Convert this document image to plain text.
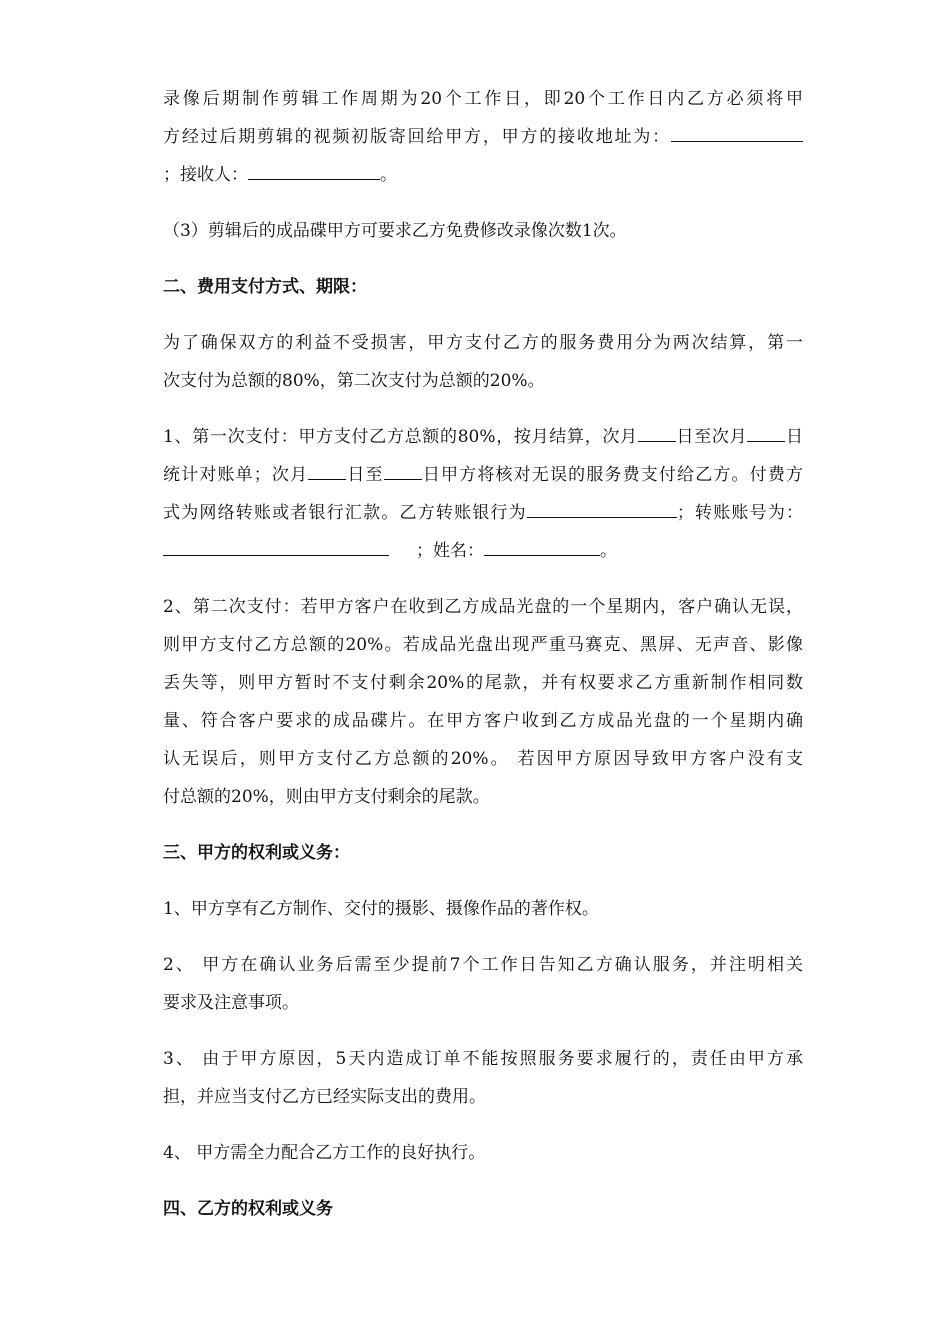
录像后期制作剪辑工作周期为20个工作日，即20个工作日内乙方必须将甲
方经过后期剪辑的视频初版寄回给甲方，甲方的接收地址为：
；接收人：	。
（3）剪辑后的成品碟甲方可要求乙方免费修改录像次数1次。
二、费用支付方式、期限：
为了确保双方的利益不受损害，甲方支付乙方的服务费用分为两次结算，第一
次支付为总额的80%，第二次支付为总额的20%。
1、第一次支付：甲方支付乙方总额的80%，按月结算，次月 日至次月 日
统计对账单；次月 日至 日甲方将核对无误的服务费支付给乙方。付费方
式为网络转账或者银行汇款。乙方转账银行为	；转账账号为：
；姓名：	。
2、第二次支付：若甲方客户在收到乙方成品光盘的一个星期内，客户确认无误，
则甲方支付乙方总额的20%。若成品光盘出现严重马赛克、黑屏、无声音、影像
丢失等，则甲方暂时不支付剩余20%的尾款，并有权要求乙方重新制作相同数
量、符合客户要求的成品碟片。在甲方客户收到乙方成品光盘的一个星期内确
认无误后，则甲方支付乙方总额的20%。 若因甲方原因导致甲方客户没有支
付总额的20%，则由甲方支付剩余的尾款。
三、甲方的权利或义务：
1、甲方享有乙方制作、交付的摄影、摄像作品的著作权。
2、 甲方在确认业务后需至少提前7个工作日告知乙方确认服务，并注明相关
要求及注意事项。
3、 由于甲方原因，5天内造成订单不能按照服务要求履行的，责任由甲方承
担，并应当支付乙方已经实际支出的费用。
4、 甲方需全力配合乙方工作的良好执行。
四、乙方的权利或义务
